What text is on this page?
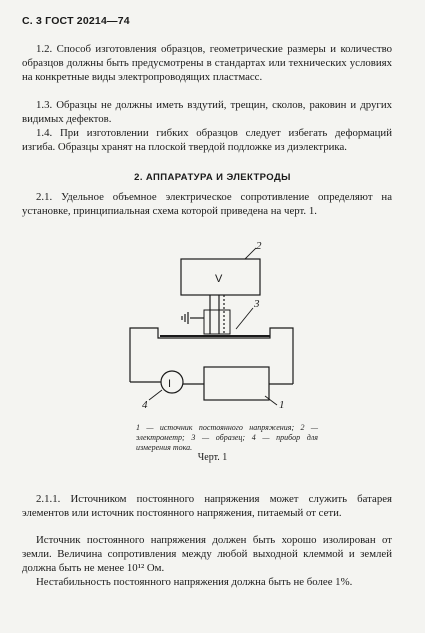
С. 3 ГОСТ 20214—74
1.2. Способ изготовления образцов, геометрические размеры и количество образцов должны быть предусмотрены в стандартах или технических условиях на конкретные виды электропроводящих пластмасс.
1.3. Образцы не должны иметь вздутий, трещин, сколов, раковин и других видимых дефектов.
1.4. При изготовлении гибких образцов следует избегать деформаций изгиба. Образцы хранят на плоской твердой подложке из диэлектрика.
2. АППАРАТУРА И ЭЛЕКТРОДЫ
2.1. Удельное объемное электрическое сопротивление определяют на установке, принципиальная схема которой приведена на черт. 1.
V
I
1
2
3
4
1 — источник постоянного напряжения; 2 — электрометр; 3 — образец; 4 — прибор для измерения тока.
Черт. 1
2.1.1. Источником постоянного напряжения может служить батарея элементов или источник постоянного напряжения, питаемый от сети.
Источник постоянного напряжения должен быть хорошо изолирован от земли. Величина сопротивления между любой выходной клеммой и землей должна быть не менее 10¹² Ом.
Нестабильность постоянного напряжения должна быть не более 1%.
